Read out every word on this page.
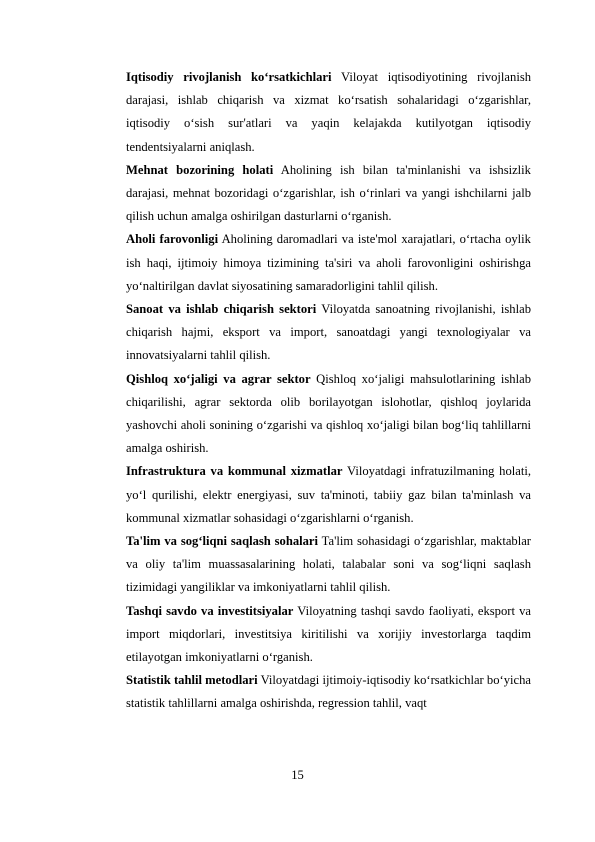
Iqtisodiy rivojlanish ko‘rsatkichlari Viloyat iqtisodiyotining rivojlanish darajasi, ishlab chiqarish va xizmat ko‘rsatish sohalaridagi o‘zgarishlar, iqtisodiy o‘sish sur'atlari va yaqin kelajakda kutilyotgan iqtisodiy tendentsiyalarni aniqlash.

Mehnat bozorining holati Aholining ish bilan ta'minlanishi va ishsizlik darajasi, mehnat bozoridagi o‘zgarishlar, ish o‘rinlari va yangi ishchilarni jalb qilish uchun amalga oshirilgan dasturlarni o‘rganish.

Aholi farovonligi Aholining daromadlari va iste'mol xarajatlari, o‘rtacha oylik ish haqi, ijtimoiy himoya tizimining ta'siri va aholi farovonligini oshirishga yo‘naltirilgan davlat siyosatining samaradorligini tahlil qilish.

Sanoat va ishlab chiqarish sektori Viloyatda sanoatning rivojlanishi, ishlab chiqarish hajmi, eksport va import, sanoatdagi yangi texnologiyalar va innovatsiyalarni tahlil qilish.

Qishloq xo‘jaligi va agrar sektor Qishloq xo‘jaligi mahsulotlarining ishlab chiqarilishi, agrar sektorda olib borilayotgan islohotlar, qishloq joylarida yashovchi aholi sonining o‘zgarishi va qishloq xo‘jaligi bilan bog‘liq tahlillarni amalga oshirish.

Infrastruktura va kommunal xizmatlar Viloyatdagi infratuzilmaning holati, yo‘l qurilishi, elektr energiyasi, suv ta'minoti, tabiiy gaz bilan ta'minlash va kommunal xizmatlar sohasidagi o‘zgarishlarni o‘rganish.

Ta'lim va sog‘liqni saqlash sohalari Ta'lim sohasidagi o‘zgarishlar, maktablar va oliy ta'lim muassasalarining holati, talabalar soni va sog‘liqni saqlash tizimidagi yangiliklar va imkoniyatlarni tahlil qilish.

Tashqi savdo va investitsiyalar Viloyatning tashqi savdo faoliyati, eksport va import miqdorlari, investitsiya kiritilishi va xorijiy investorlarga taqdim etilayotgan imkoniyatlarni o‘rganish.

Statistik tahlil metodlari Viloyatdagi ijtimoiy-iqtisodiy ko‘rsatkichlar bo‘yicha statistik tahlillarni amalga oshirishda, regression tahlil, vaqt

15
